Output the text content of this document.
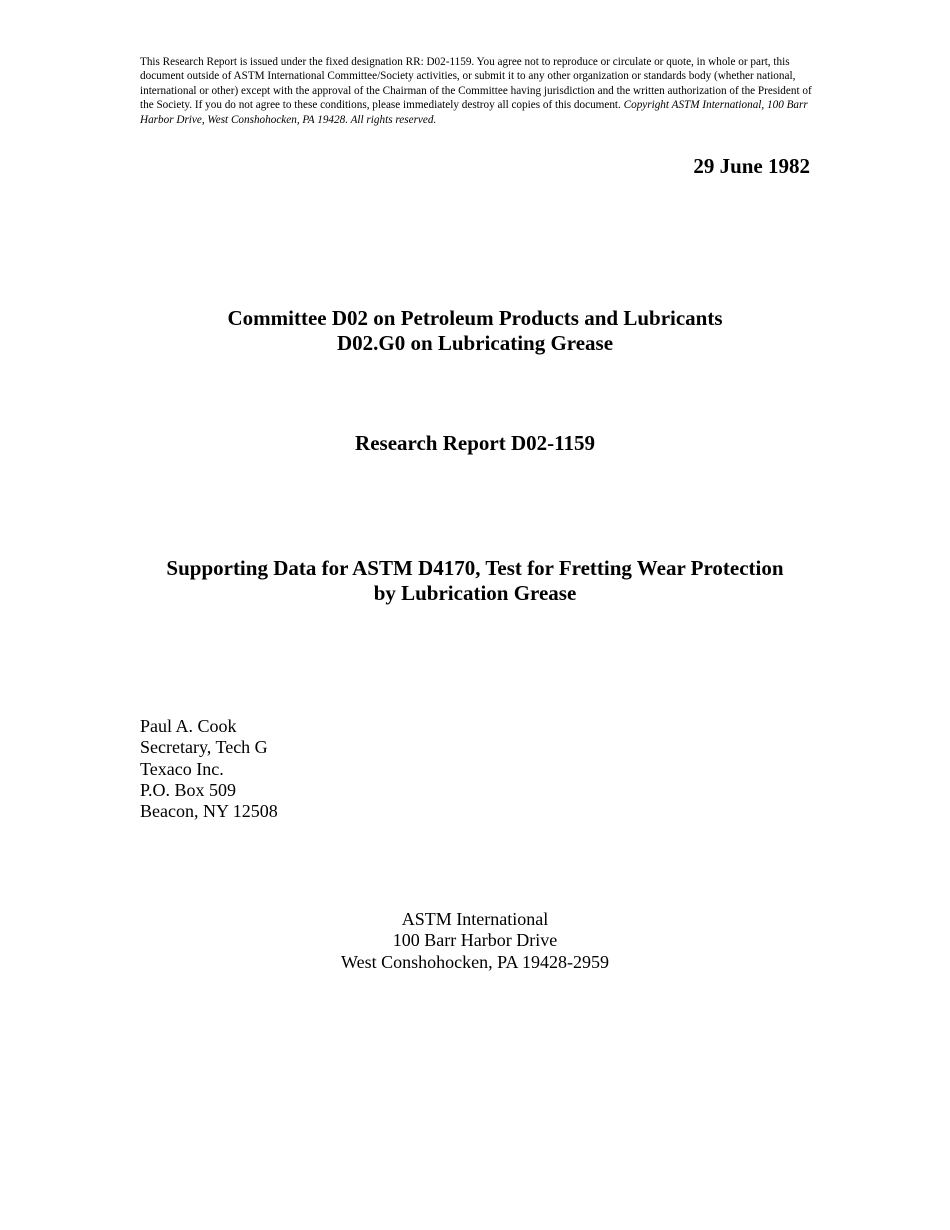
This Research Report is issued under the fixed designation RR: D02-1159. You agree not to reproduce or circulate or quote, in whole or part, this document outside of ASTM International Committee/Society activities, or submit it to any other organization or standards body (whether national, international or other) except with the approval of the Chairman of the Committee having jurisdiction and the written authorization of the President of the Society. If you do not agree to these conditions, please immediately destroy all copies of this document. Copyright ASTM International, 100 Barr Harbor Drive, West Conshohocken, PA 19428. All rights reserved.
29 June 1982
Committee D02 on Petroleum Products and Lubricants
D02.G0 on Lubricating Grease
Research Report D02-1159
Supporting Data for ASTM D4170, Test for Fretting Wear Protection
by Lubrication Grease
Paul A. Cook
Secretary, Tech G
Texaco Inc.
P.O. Box 509
Beacon, NY 12508
ASTM International
100 Barr Harbor Drive
West Conshohocken, PA 19428-2959
